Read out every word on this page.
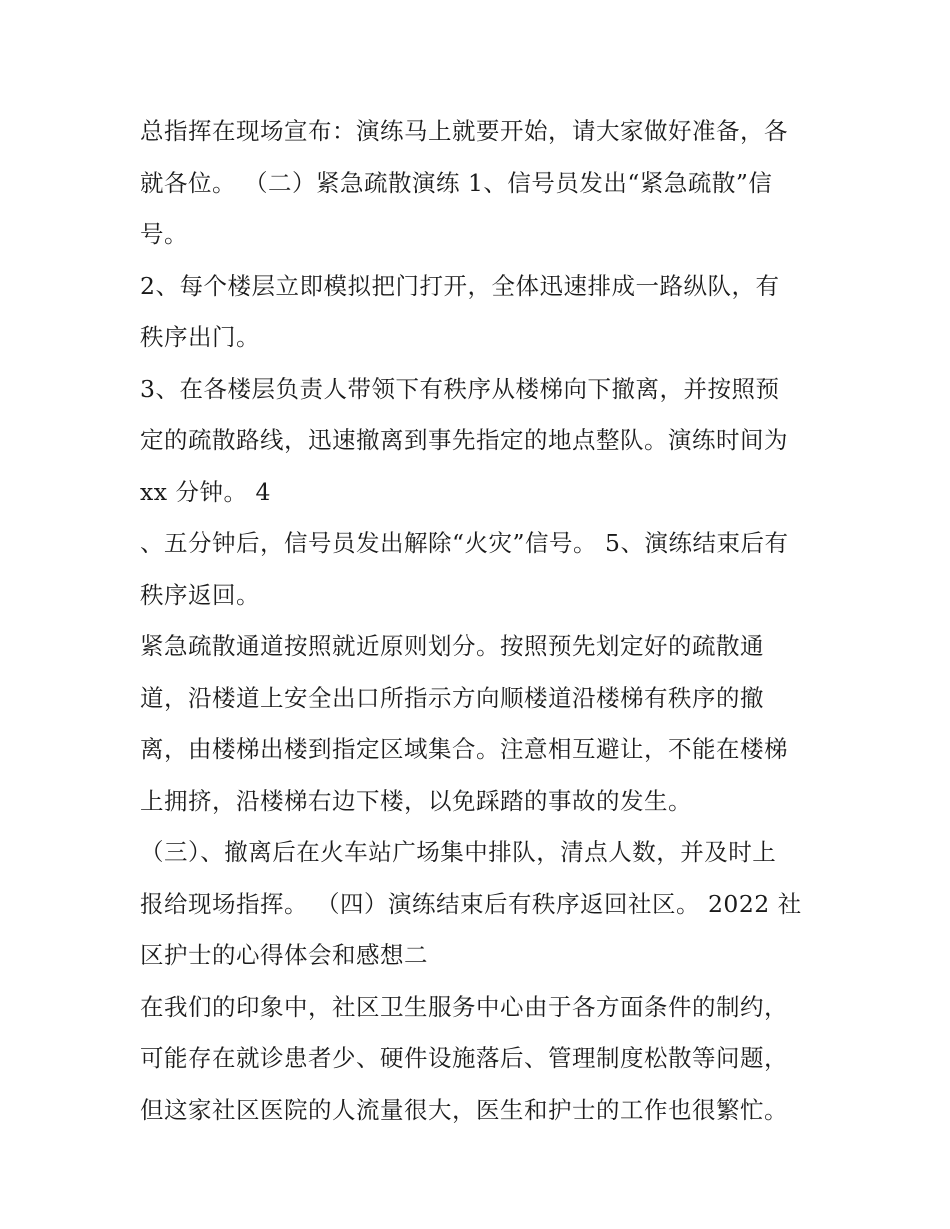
总指挥在现场宣布：演练马上就要开始，请大家做好准备，各
就各位。 （二）紧急疏散演练 1、信号员发出“紧急疏散”信
号。
2、每个楼层立即模拟把门打开，全体迅速排成一路纵队，有
秩序出门。
3、在各楼层负责人带领下有秩序从楼梯向下撤离，并按照预
定的疏散路线，迅速撤离到事先指定的地点整队。演练时间为
xx 分钟。 4
、五分钟后，信号员发出解除“火灾”信号。 5、演练结束后有
秩序返回。
紧急疏散通道按照就近原则划分。按照预先划定好的疏散通
道，沿楼道上安全出口所指示方向顺楼道沿楼梯有秩序的撤
离，由楼梯出楼到指定区域集合。注意相互避让，不能在楼梯
上拥挤，沿楼梯右边下楼，以免踩踏的事故的发生。
（三）、撤离后在火车站广场集中排队，清点人数，并及时上
报给现场指挥。 （四）演练结束后有秩序返回社区。 2022 社
区护士的心得体会和感想二
在我们的印象中，社区卫生服务中心由于各方面条件的制约，
可能存在就诊患者少、硬件设施落后、管理制度松散等问题，
但这家社区医院的人流量很大，医生和护士的工作也很繁忙。
